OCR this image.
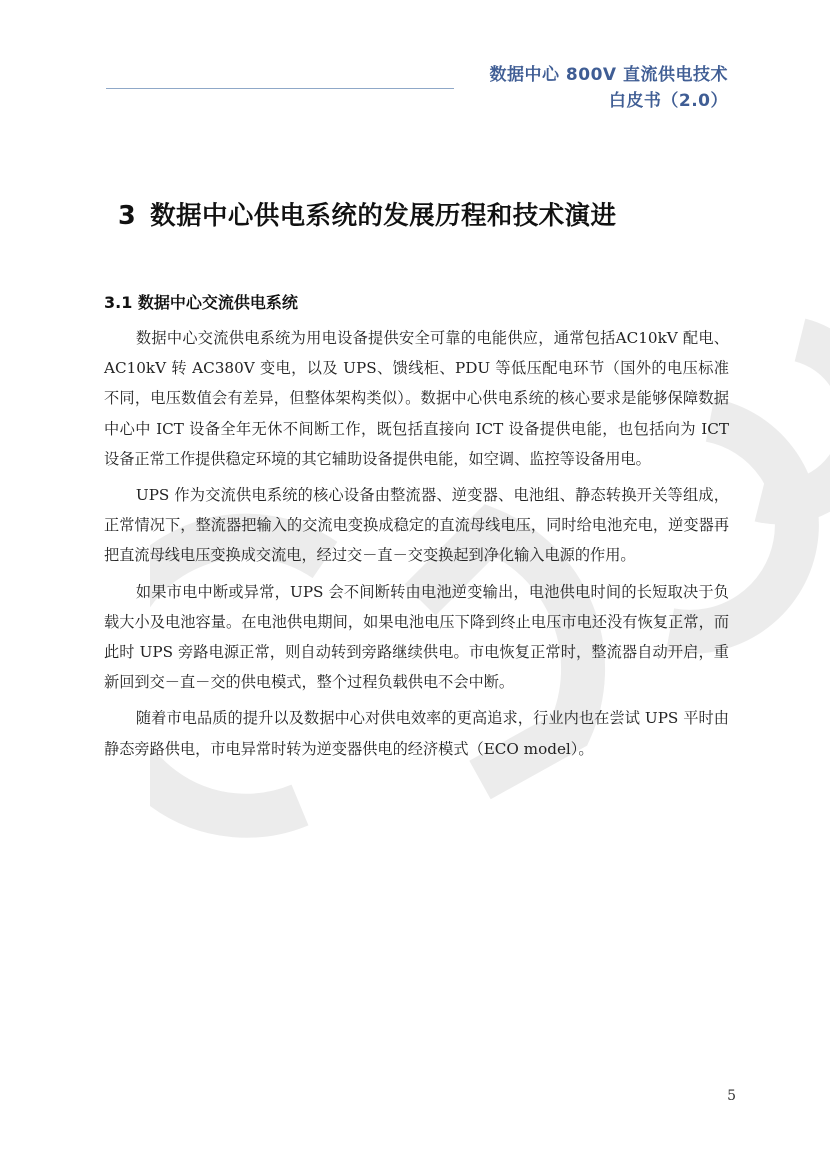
数据中心 800V 直流供电技术
白皮书（2.0）
3 数据中心供电系统的发展历程和技术演进
3.1 数据中心交流供电系统

数据中心交流供电系统为用电设备提供安全可靠的电能供应，通常包括AC10kV 配电、AC10kV 转 AC380V 变电，以及 UPS、馈线柜、PDU 等低压配电环节（国外的电压标准不同，电压数值会有差异，但整体架构类似）。数据中心供电系统的核心要求是能够保障数据中心中 ICT 设备全年无休不间断工作，既包括直接向 ICT 设备提供电能，也包括向为 ICT 设备正常工作提供稳定环境的其它辅助设备提供电能，如空调、监控等设备用电。

UPS 作为交流供电系统的核心设备由整流器、逆变器、电池组、静态转换开关等组成，正常情况下，整流器把输入的交流电变换成稳定的直流母线电压，同时给电池充电，逆变器再把直流母线电压变换成交流电，经过交－直－交变换起到净化输入电源的作用。

如果市电中断或异常，UPS 会不间断转由电池逆变输出，电池供电时间的长短取决于负载大小及电池容量。在电池供电期间，如果电池电压下降到终止电压市电还没有恢复正常，而此时 UPS 旁路电源正常，则自动转到旁路继续供电。市电恢复正常时，整流器自动开启，重新回到交－直－交的供电模式，整个过程负载供电不会中断。

随着市电品质的提升以及数据中心对供电效率的更高追求，行业内也在尝试 UPS 平时由静态旁路供电，市电异常时转为逆变器供电的经济模式（ECO model）。

5
